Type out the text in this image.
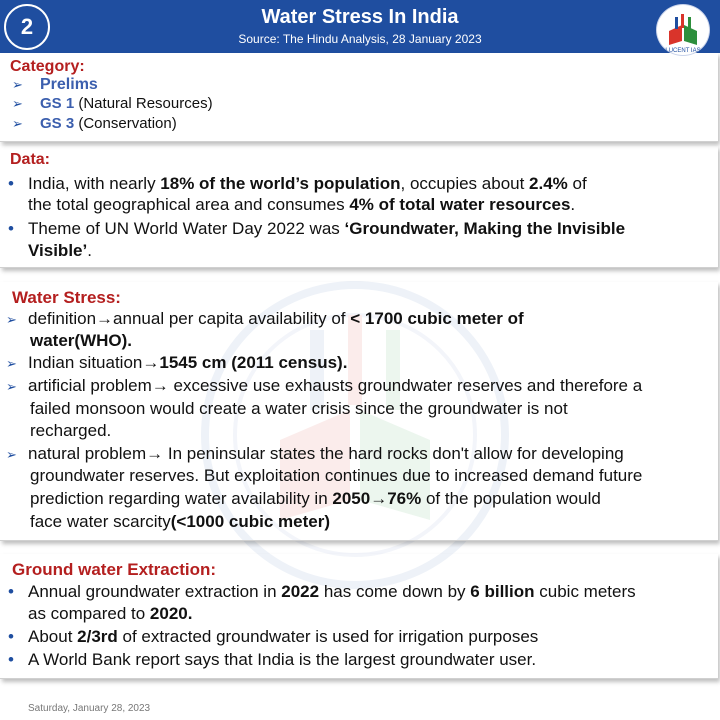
2	Water Stress In India
Source: The Hindu Analysis, 28 January 2023
LUCENT IAS
Category:
➢ Prelims
➢ GS 1 (Natural Resources)
➢ GS 3 (Conservation)
Data:
• India, with nearly 18% of the world’s population, occupies about 2.4% of
the total geographical area and consumes 4% of total water resources.
• Theme of UN World Water Day 2022 was ‘Groundwater, Making the Invisible
Visible’.
Water Stress:
➢ definition→annual per capita availability of < 1700 cubic meter of
water(WHO).
➢ Indian situation→1545 cm (2011 census).
➢ artificial problem→ excessive use exhausts groundwater reserves and therefore a
failed monsoon would create a water crisis since the groundwater is not
recharged.
➢ natural problem→ In peninsular states the hard rocks don't allow for developing
groundwater reserves. But exploitation continues due to increased demand future
prediction regarding water availability in 2050→76% of the population would
face water scarcity(<1000 cubic meter)
Ground water Extraction:
• Annual groundwater extraction in 2022 has come down by 6 billion cubic meters
as compared to 2020.
• About 2/3rd of extracted groundwater is used for irrigation purposes
• A World Bank report says that India is the largest groundwater user.
Saturday, January 28, 2023
